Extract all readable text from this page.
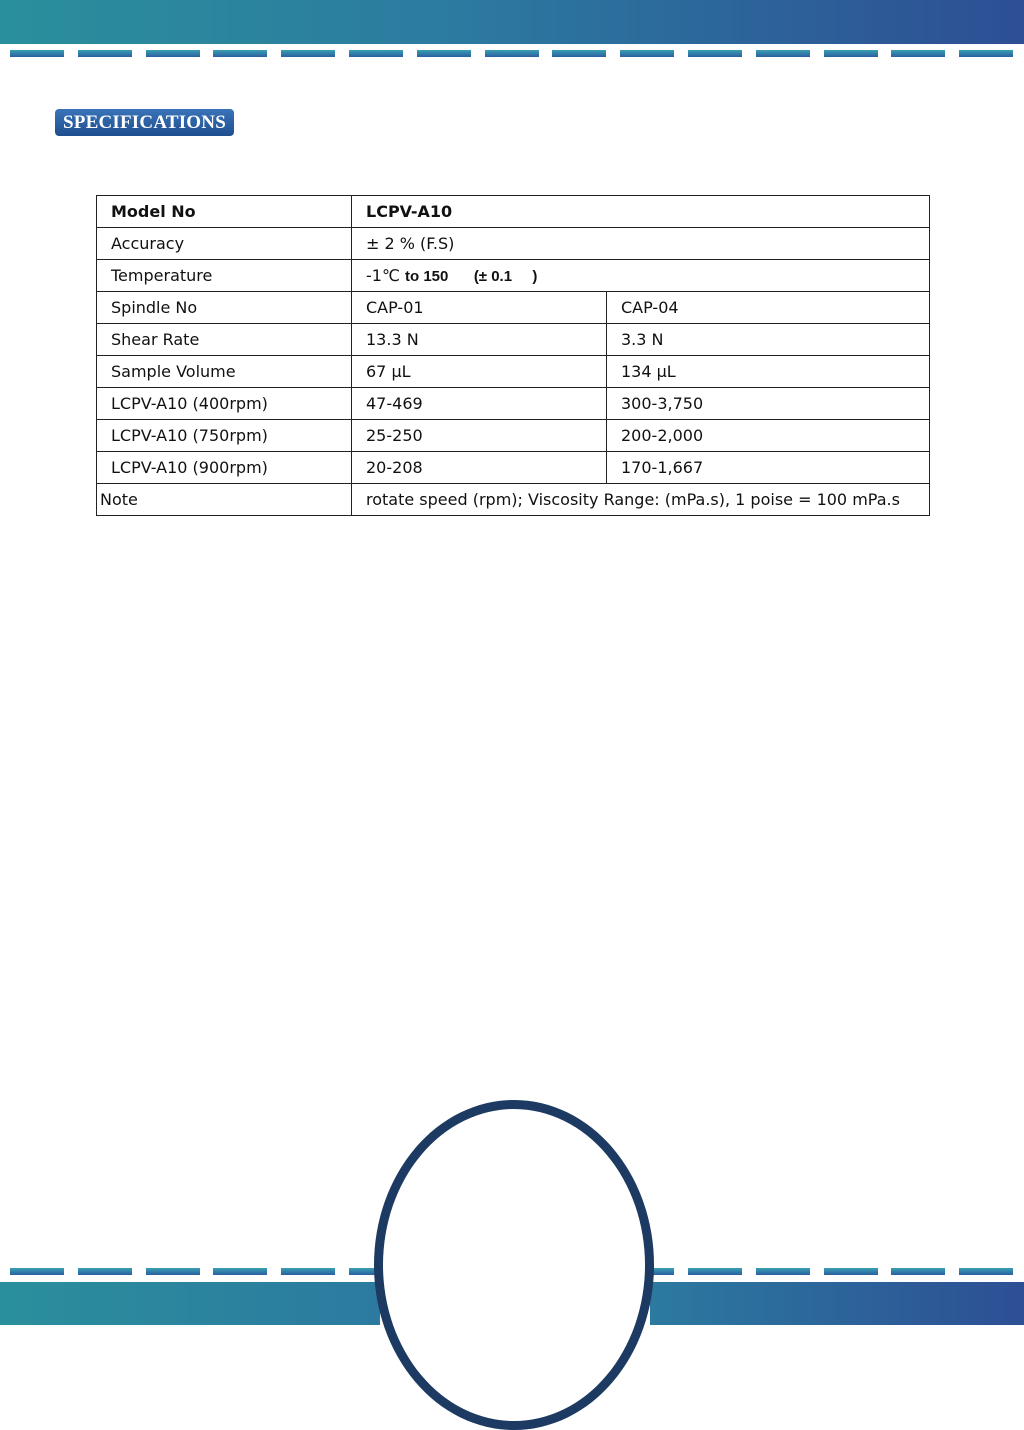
SPECIFICATIONS
Model No	LCPV-A10	
Accuracy	± 2 % (F.S)	
Temperature	-1℃ to 150 (± 0.1 )	
Spindle No	CAP-01	CAP-04
Shear Rate	13.3 N	3.3 N
Sample Volume	67 µL	134 µL
LCPV-A10 (400rpm)	47-469	300-3,750
LCPV-A10 (750rpm)	25-250	200-2,000
LCPV-A10 (900rpm)	20-208	170-1,667
Note	rotate speed (rpm); Viscosity Range: (mPa.s), 1 poise = 100 mPa.s	
